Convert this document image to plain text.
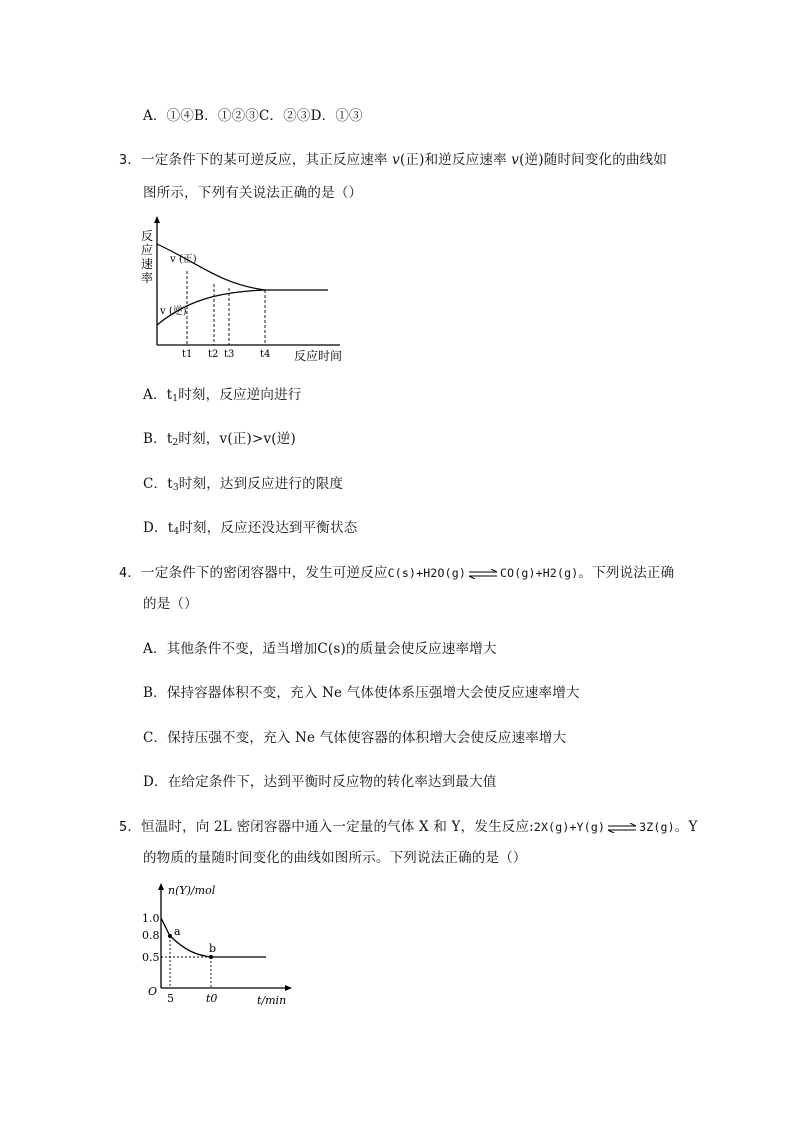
A．①④B．①②③C．②③D．①③
3．一定条件下的某可逆反应，其正反应速率 v(正)和逆反应速率 v(逆)随时间变化的曲线如
图所示，下列有关说法正确的是（）
反
应
速
率
v (正)
v (逆)
t1 t2 t3	t4 反应时间
A．$t_1$时刻，反应逆向进行
B．$t_2$时刻，v(正)>v(逆)
C．$t_3$时刻，达到反应进行的限度
D．$t_4$时刻，反应还没达到平衡状态
4．一定条件下的密闭容器中，发生可逆反应C(s)+H2O(g) ⇌ CO(g)+H2(g)。下列说法正确
的是（）
A．其他条件不变，适当增加C(s)的质量会使反应速率增大
B．保持容器体积不变，充入 Ne 气体使体系压强增大会使反应速率增大
C．保持压强不变，充入 Ne 气体使容器的体积增大会使反应速率增大
D．在给定条件下，达到平衡时反应物的转化率达到最大值
5．恒温时，向 2L 密闭容器中通入一定量的气体 X 和 Y，发生反应:2X(g)+Y(g) ⇌ 3Z(g)。Y
的物质的量随时间变化的曲线如图所示。下列说法正确的是（）
n(Y)/mol
O
1.0
0.8
0.5
a
b
5	t0	t/min
